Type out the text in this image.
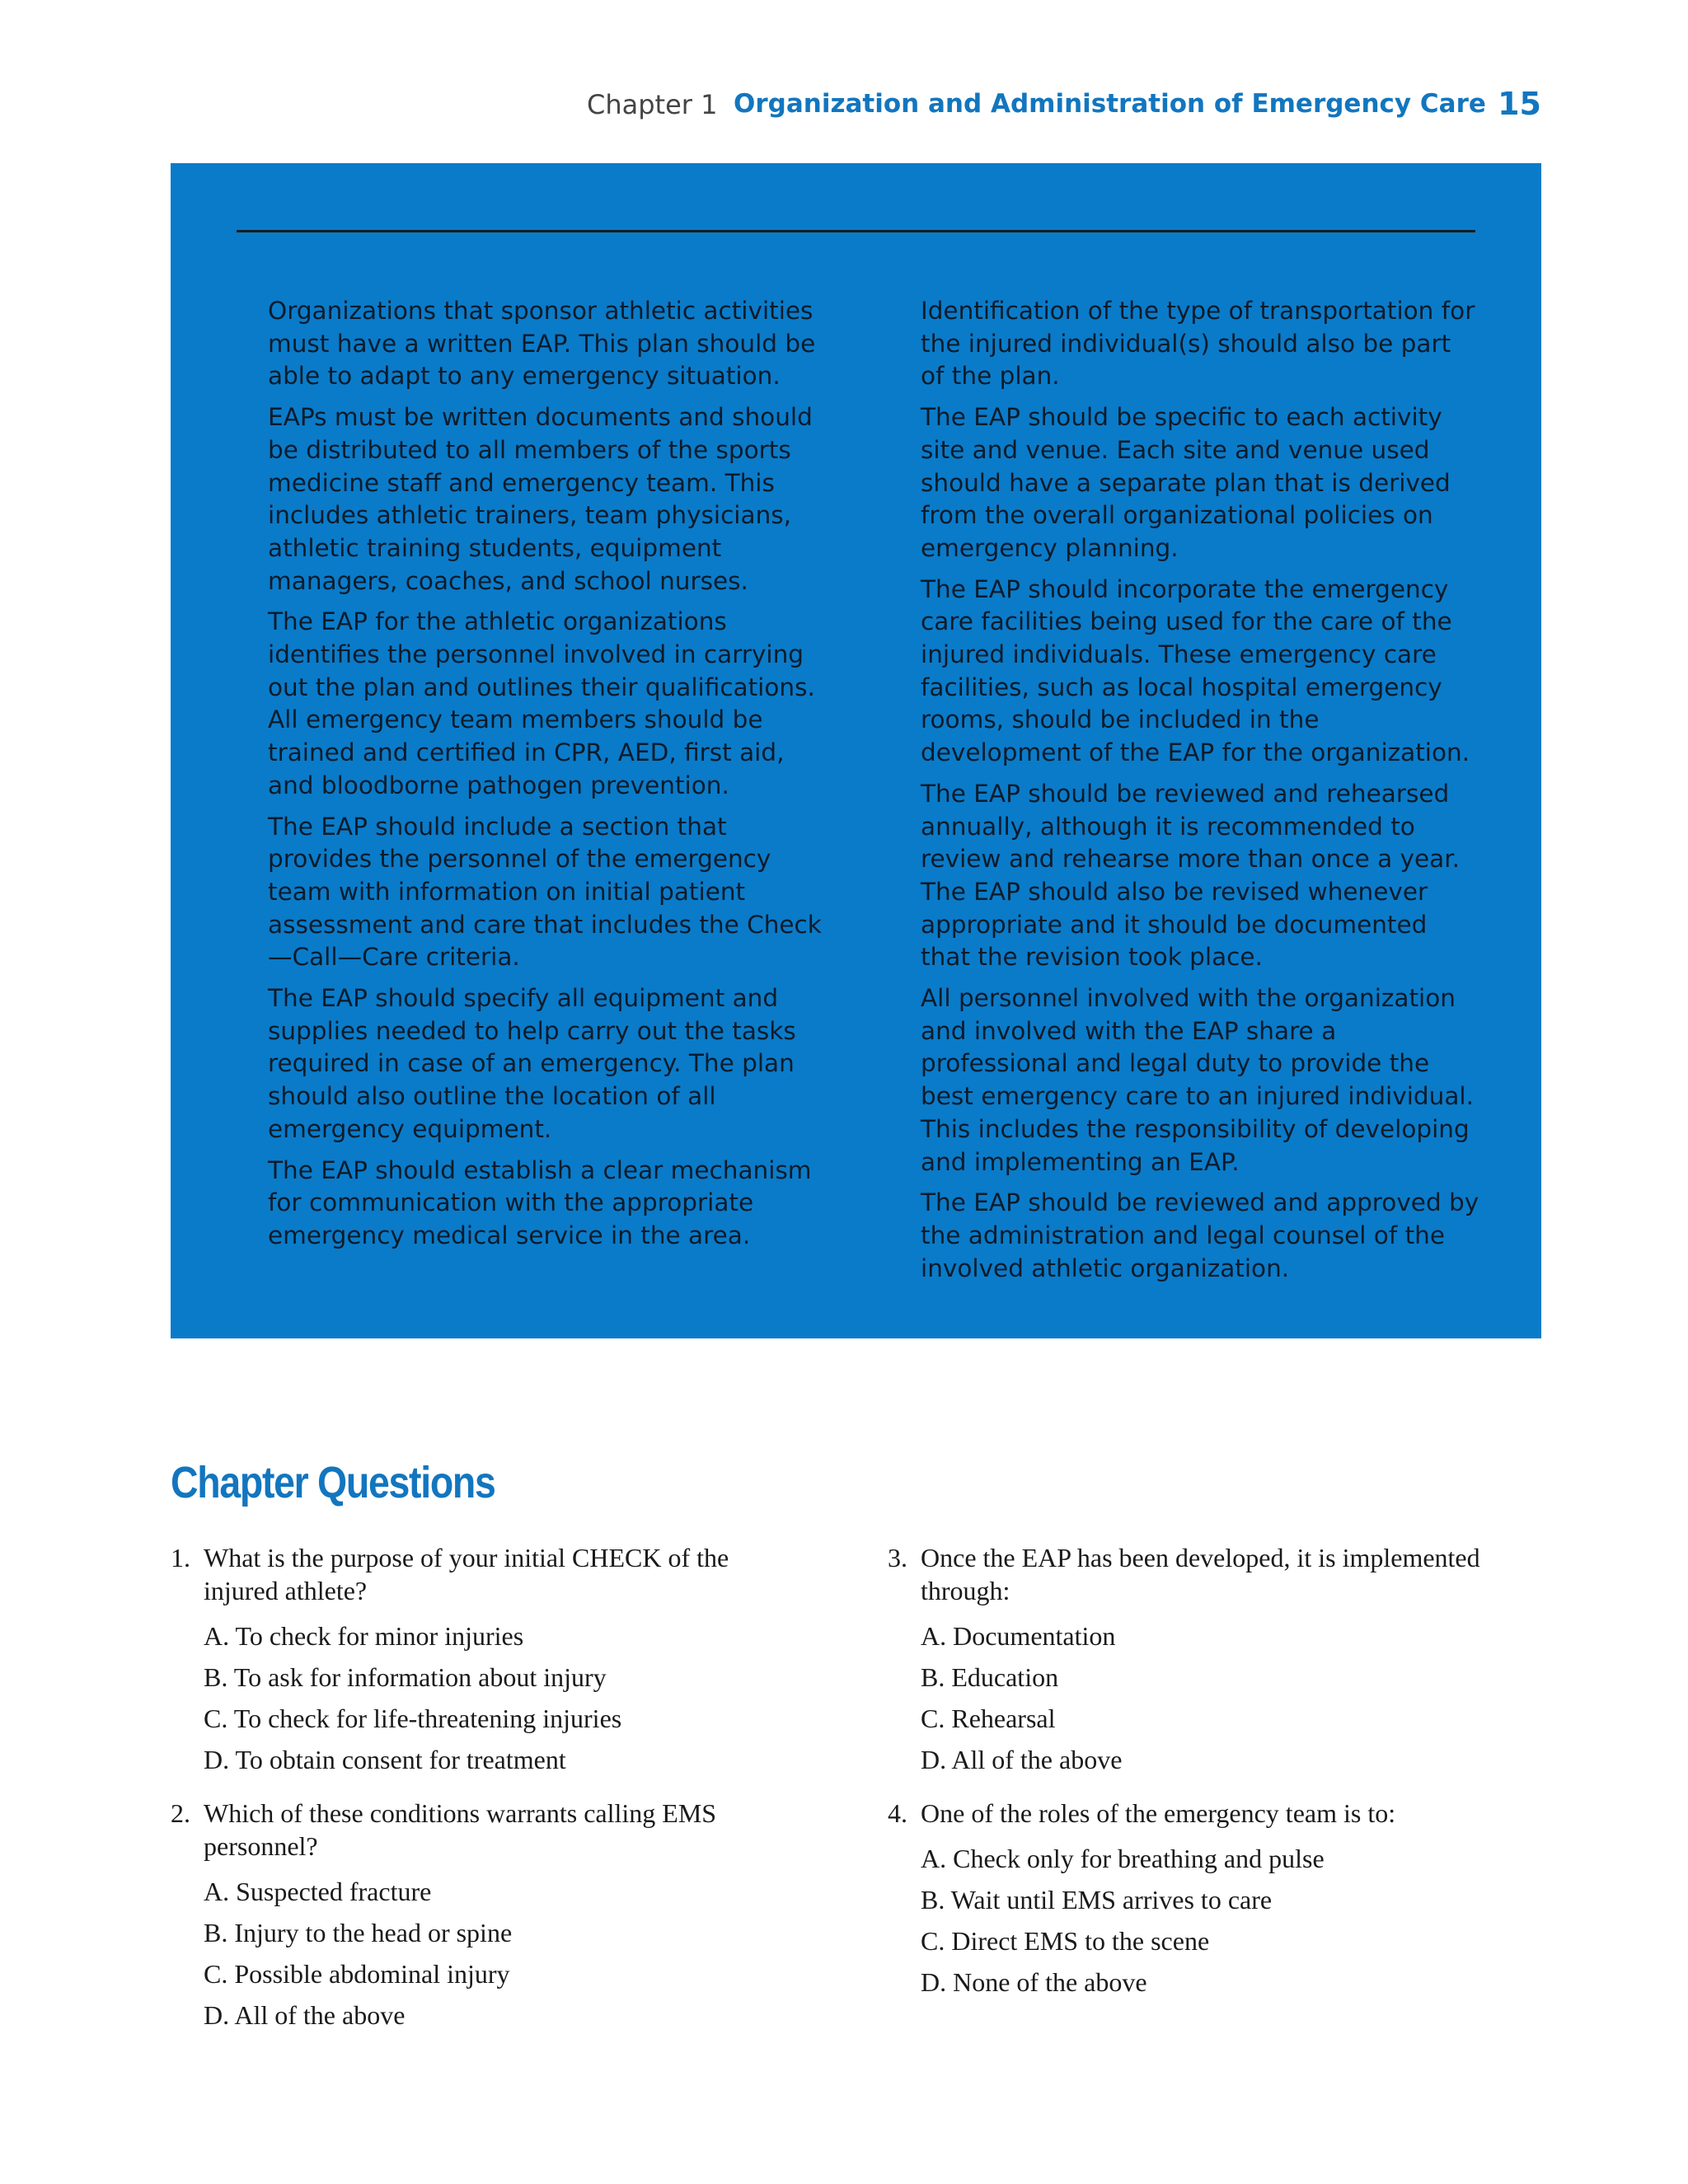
Chapter 1 Organization and Administration of Emergency Care 15

Organizations that sponsor athletic activities must have a written EAP. This plan should be able to adapt to any emergency situation.

EAPs must be written documents and should be distributed to all members of the sports medicine staff and emergency team. This includes athletic trainers, team physicians, athletic training students, equipment managers, coaches, and school nurses.

The EAP for the athletic organizations identifies the personnel involved in carrying out the plan and outlines their qualifications. All emergency team members should be trained and certified in CPR, AED, first aid, and bloodborne pathogen prevention.

The EAP should include a section that provides the personnel of the emergency team with information on initial patient assessment and care that includes the Check—Call—Care criteria.

The EAP should specify all equipment and supplies needed to help carry out the tasks required in case of an emergency. The plan should also outline the location of all emergency equipment.

The EAP should establish a clear mechanism for communication with the appropriate emergency medical service in the area.

Identification of the type of transportation for the injured individual(s) should also be part of the plan.

The EAP should be specific to each activity site and venue. Each site and venue used should have a separate plan that is derived from the overall organizational policies on emergency planning.

The EAP should incorporate the emergency care facilities being used for the care of the injured individuals. These emergency care facilities, such as local hospital emergency rooms, should be included in the development of the EAP for the organization.

The EAP should be reviewed and rehearsed annually, although it is recommended to review and rehearse more than once a year. The EAP should also be revised whenever appropriate and it should be documented that the revision took place.

All personnel involved with the organization and involved with the EAP share a professional and legal duty to provide the best emergency care to an injured individual. This includes the responsibility of developing and implementing an EAP.

The EAP should be reviewed and approved by the administration and legal counsel of the involved athletic organization.

Chapter Questions
1. What is the purpose of your initial CHECK of the injured athlete?
A. To check for minor injuries
B. To ask for information about injury
C. To check for life-threatening injuries
D. To obtain consent for treatment
2. Which of these conditions warrants calling EMS personnel?
A. Suspected fracture
B. Injury to the head or spine
C. Possible abdominal injury
D. All of the above
3. Once the EAP has been developed, it is implemented through:
A. Documentation
B. Education
C. Rehearsal
D. All of the above
4. One of the roles of the emergency team is to:
A. Check only for breathing and pulse
B. Wait until EMS arrives to care
C. Direct EMS to the scene
D. None of the above
